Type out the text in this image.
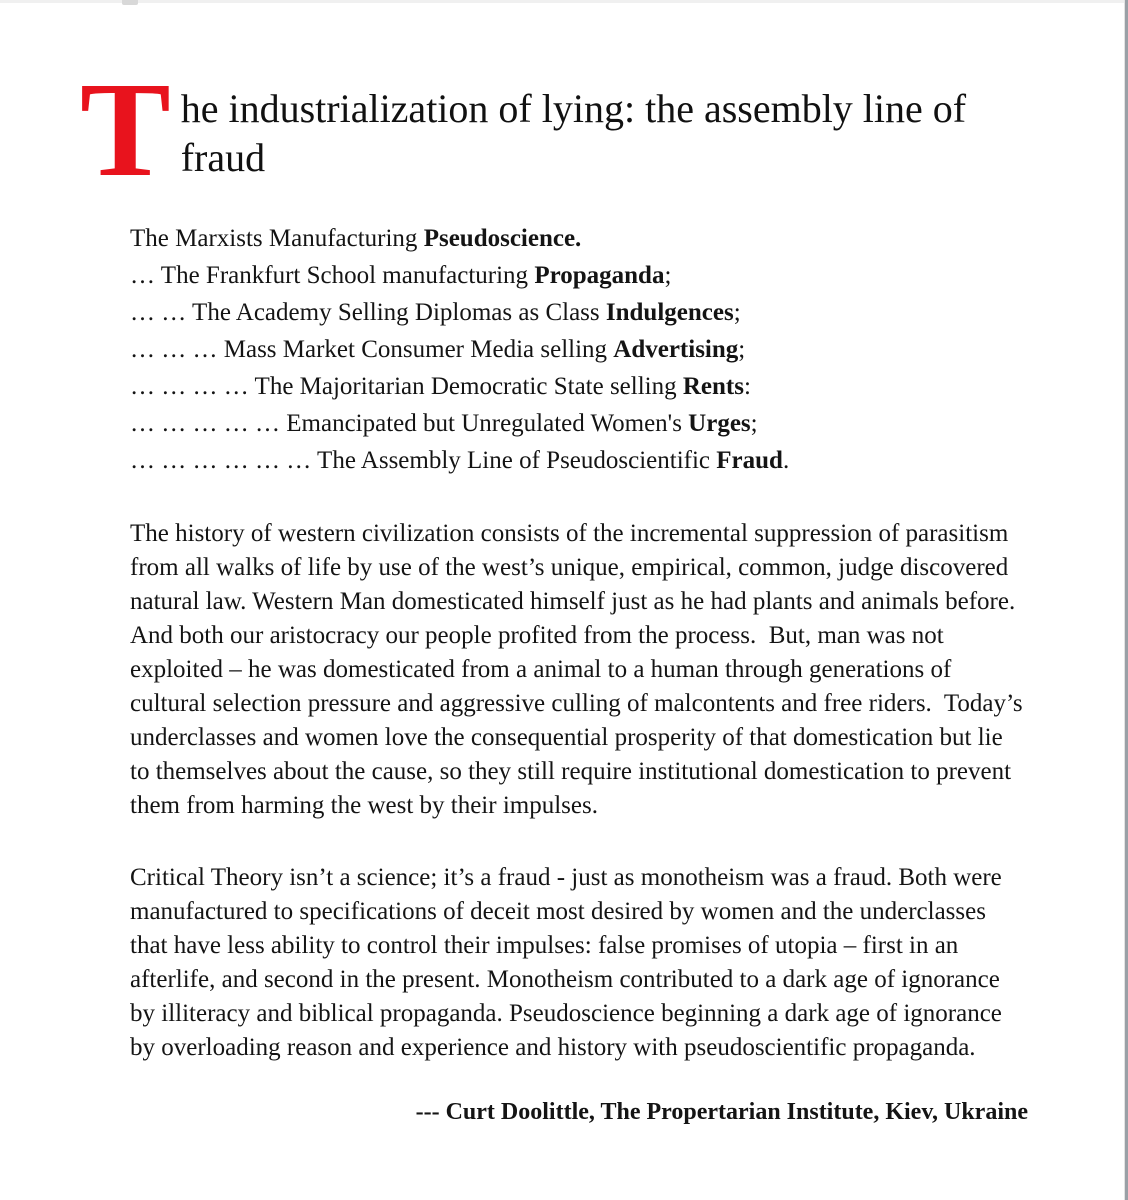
The industrialization of lying: the assembly line of fraud
The Marxists Manufacturing Pseudoscience.
… The Frankfurt School manufacturing Propaganda;
… … The Academy Selling Diplomas as Class Indulgences;
… … … Mass Market Consumer Media selling Advertising;
… … … … The Majoritarian Democratic State selling Rents:
… … … … … Emancipated but Unregulated Women's Urges;
… … … … … … The Assembly Line of Pseudoscientific Fraud.

The history of western civilization consists of the incremental suppression of parasitism from all walks of life by use of the west’s unique, empirical, common, judge discovered natural law. Western Man domesticated himself just as he had plants and animals before. And both our aristocracy our people profited from the process.  But, man was not exploited – he was domesticated from a animal to a human through generations of cultural selection pressure and aggressive culling of malcontents and free riders.  Today’s underclasses and women love the consequential prosperity of that domestication but lie to themselves about the cause, so they still require institutional domestication to prevent them from harming the west by their impulses.

Critical Theory isn’t a science; it’s a fraud - just as monotheism was a fraud. Both were manufactured to specifications of deceit most desired by women and the underclasses that have less ability to control their impulses: false promises of utopia – first in an afterlife, and second in the present. Monotheism contributed to a dark age of ignorance by illiteracy and biblical propaganda. Pseudoscience beginning a dark age of ignorance by overloading reason and experience and history with pseudoscientific propaganda.

--- Curt Doolittle, The Propertarian Institute, Kiev, Ukraine
